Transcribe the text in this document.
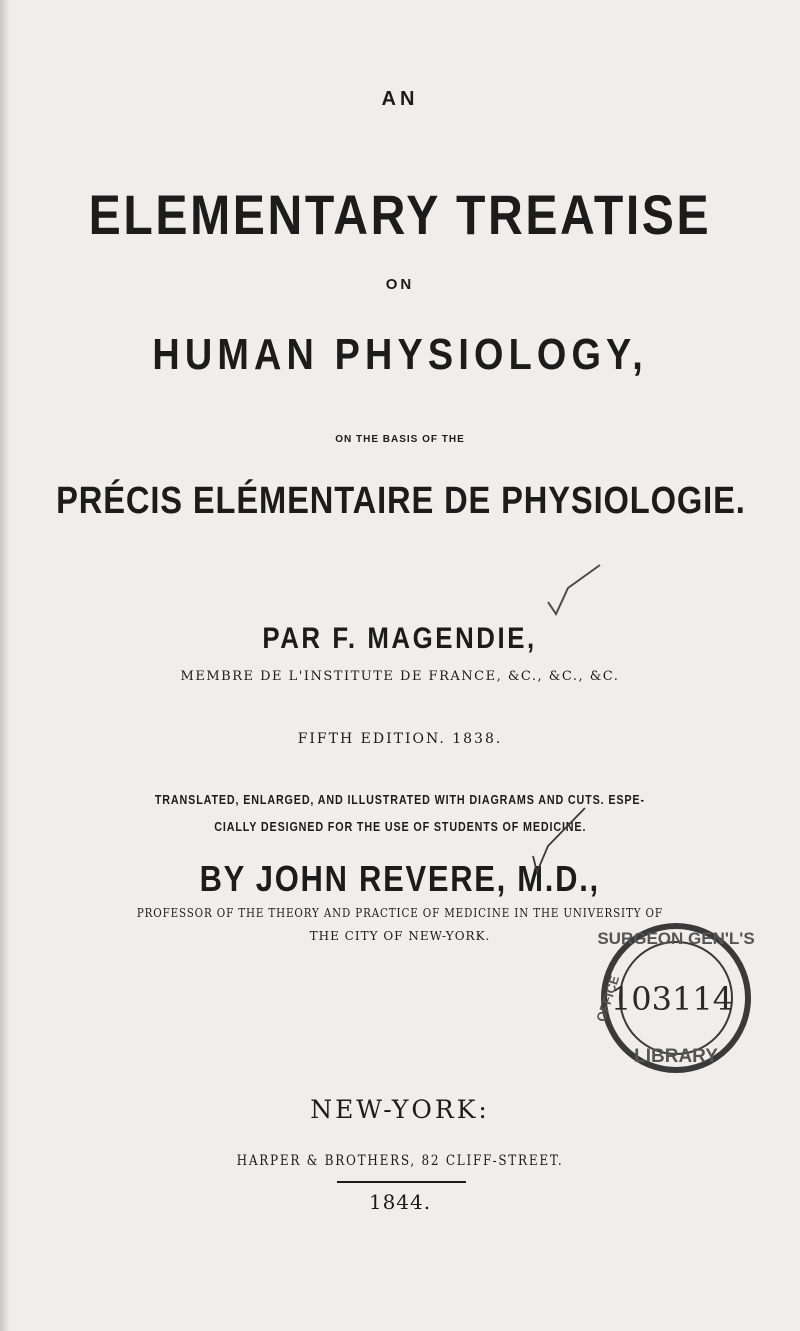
AN
ELEMENTARY TREATISE
ON
HUMAN PHYSIOLOGY,
ON THE BASIS OF THE
PRÉCIS ELÉMENTAIRE DE PHYSIOLOGIE.
PAR F. MAGENDIE,
MEMBRE DE L'INSTITUTE DE FRANCE, &C., &C., &C.
FIFTH EDITION. 1838.
TRANSLATED, ENLARGED, AND ILLUSTRATED WITH DIAGRAMS AND CUTS. ESPE-
CIALLY DESIGNED FOR THE USE OF STUDENTS OF MEDICINE.
BY JOHN REVERE, M.D.,
PROFESSOR OF THE THEORY AND PRACTICE OF MEDICINE IN THE UNIVERSITY OF
THE CITY OF NEW-YORK.
NEW-YORK:
HARPER & BROTHERS, 82 CLIFF-STREET.
1844.
SURGEON GEN'L'S
103114
LIBRARY
OFFICE
